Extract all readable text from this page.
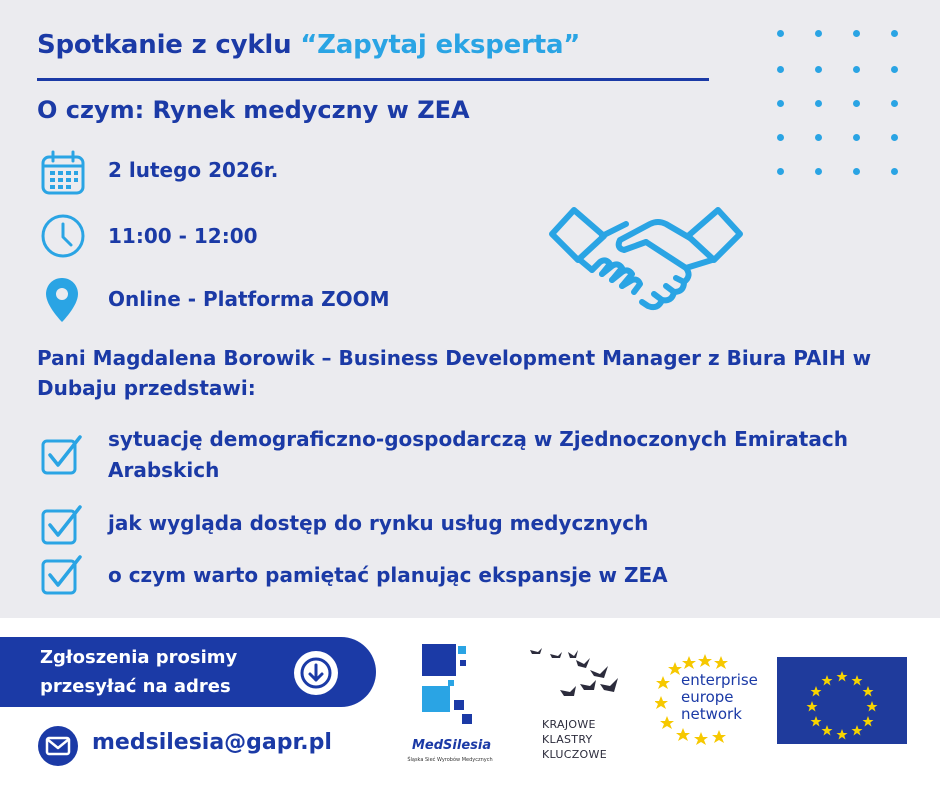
Spotkanie z cyklu “Zapytaj eksperta”
O czym: Rynek medyczny w ZEA
2 lutego 2026r.
11:00 - 12:00
Online - Platforma ZOOM
Pani Magdalena Borowik – Business Development Manager z Biura PAIH w Dubaju przedstawi:
sytuację demograficzno-gospodarczą w Zjednoczonych Emiratach Arabskich
jak wygląda dostęp do rynku usług medycznych
o czym warto pamiętać planując ekspansje w ZEA
Zgłoszenia prosimy
przesyłać na adres
medsilesia@gapr.pl	MedSilesia
Śląska Sieć Wyrobów Medycznych
KRAJOWE
KLASTRY
KLUCZOWE
enterprise
europe
network
